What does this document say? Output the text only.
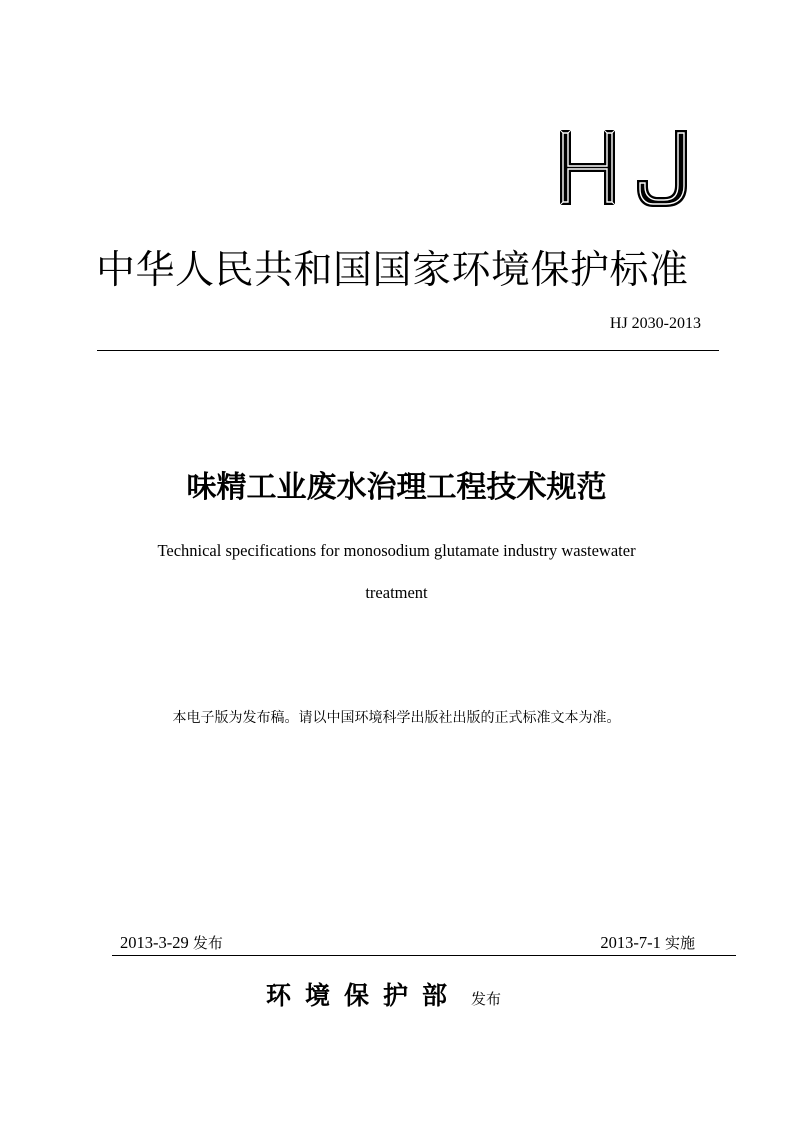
HJ
中华人民共和国国家环境保护标准
HJ 2030-2013
味精工业废水治理工程技术规范
Technical specifications for monosodium glutamate industry wastewater
treatment
本电子版为发布稿。请以中国环境科学出版社出版的正式标准文本为准。
2013-3-29 发布	2013-7-1 实施
环境保护部 发布
